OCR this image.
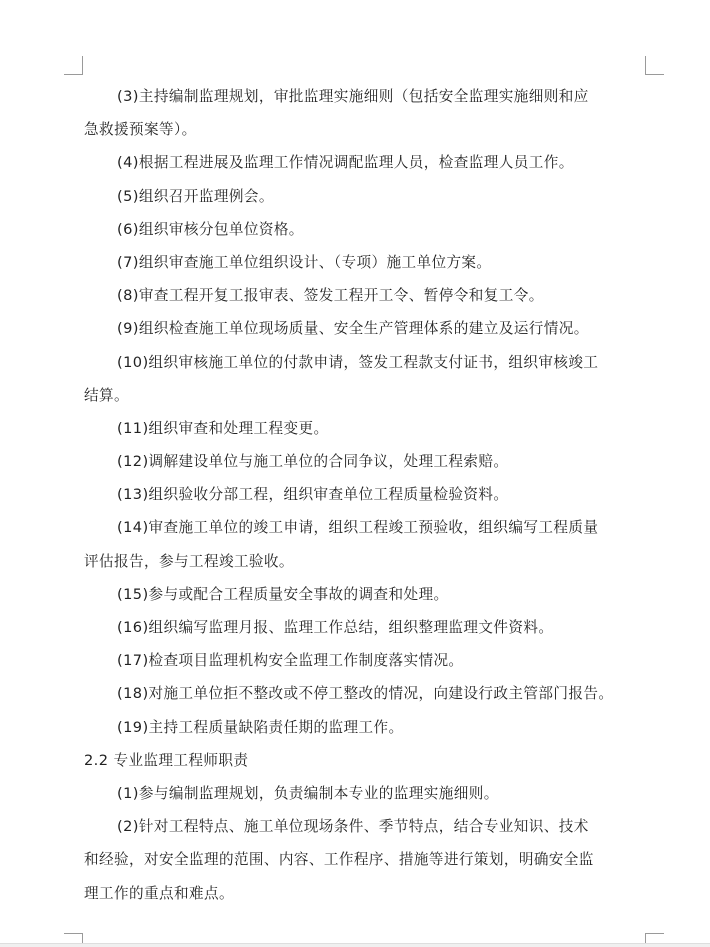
(3)主持编制监理规划，审批监理实施细则（包括安全监理实施细则和应
急救援预案等）。
(4)根据工程进展及监理工作情况调配监理人员，检查监理人员工作。
(5)组织召开监理例会。
(6)组织审核分包单位资格。
(7)组织审查施工单位组织设计、（专项）施工单位方案。
(8)审查工程开复工报审表、签发工程开工令、暂停令和复工令。
(9)组织检查施工单位现场质量、安全生产管理体系的建立及运行情况。
(10)组织审核施工单位的付款申请，签发工程款支付证书，组织审核竣工
结算。
(11)组织审查和处理工程变更。
(12)调解建设单位与施工单位的合同争议，处理工程索赔。
(13)组织验收分部工程，组织审查单位工程质量检验资料。
(14)审查施工单位的竣工申请，组织工程竣工预验收，组织编写工程质量
评估报告，参与工程竣工验收。
(15)参与或配合工程质量安全事故的调查和处理。
(16)组织编写监理月报、监理工作总结，组织整理监理文件资料。
(17)检查项目监理机构安全监理工作制度落实情况。
(18)对施工单位拒不整改或不停工整改的情况，向建设行政主管部门报告。
(19)主持工程质量缺陷责任期的监理工作。
2.2 专业监理工程师职责
(1)参与编制监理规划，负责编制本专业的监理实施细则。
(2)针对工程特点、施工单位现场条件、季节特点，结合专业知识、技术
和经验，对安全监理的范围、内容、工作程序、措施等进行策划，明确安全监
理工作的重点和难点。
